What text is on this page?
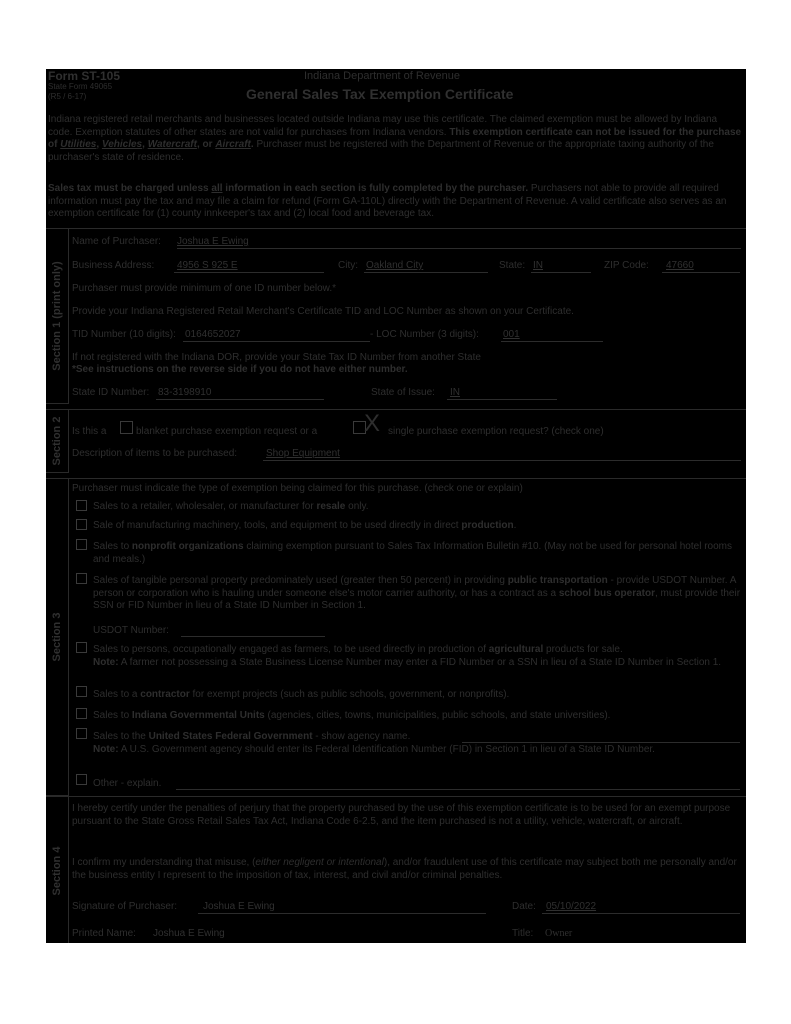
Form ST-105
State Form 49065
(R5 / 6-17)
Indiana Department of Revenue
General Sales Tax Exemption Certificate
Indiana registered retail merchants and businesses located outside Indiana may use this certificate. The claimed exemption must be allowed by Indiana code. Exemption statutes of other states are not valid for purchases from Indiana vendors. This exemption certificate can not be issued for the purchase of Utilities, Vehicles, Watercraft, or Aircraft. Purchaser must be registered with the Department of Revenue or the appropriate taxing authority of the purchaser's state of residence.
Sales tax must be charged unless all information in each section is fully completed by the purchaser. Purchasers not able to provide all required information must pay the tax and may file a claim for refund (Form GA-110L) directly with the Department of Revenue. A valid certificate also serves as an exemption certificate for (1) county innkeeper's tax and (2) local food and beverage tax.
Section 1 (print only)
Name of Purchaser: Joshua E Ewing
Business Address: 4956 S 925 E	City: Oakland City	State: IN	ZIP Code: 47660
Purchaser must provide minimum of one ID number below.*
Provide your Indiana Registered Retail Merchant's Certificate TID and LOC Number as shown on your Certificate.
TID Number (10 digits): 0164652027	- LOC Number (3 digits): 001
If not registered with the Indiana DOR, provide your State Tax ID Number from another State
*See instructions on the reverse side if you do not have either number.
State ID Number: 83-3198910	State of Issue: IN
Section 2 Is this a	blanket purchase exemption request or a X single purchase exemption request? (check one)
Description of items to be purchased:	Shop Equipment
Section 3
Purchaser must indicate the type of exemption being claimed for this purchase. (check one or explain)
Sales to a retailer, wholesaler, or manufacturer for resale only.
Sale of manufacturing machinery, tools, and equipment to be used directly in direct production.
Sales to nonprofit organizations claiming exemption pursuant to Sales Tax Information Bulletin #10. (May not be used for personal hotel rooms and meals.)
Sales of tangible personal property predominately used (greater then 50 percent) in providing public transportation - provide USDOT Number. A person or corporation who is hauling under someone else's motor carrier authority, or has a contract as a school bus operator, must provide their SSN or FID Number in lieu of a State ID Number in Section 1.
USDOT Number:
Sales to persons, occupationally engaged as farmers, to be used directly in production of agricultural products for sale.
Note: A farmer not possessing a State Business License Number may enter a FID Number or a SSN in lieu of a State ID Number in Section 1.
Sales to a contractor for exempt projects (such as public schools, government, or nonprofits).
Sales to Indiana Governmental Units (agencies, cities, towns, municipalities, public schools, and state universities).
Sales to the United States Federal Government - show agency name.
Note: A U.S. Government agency should enter its Federal Identification Number (FID) in Section 1 in lieu of a State ID Number.
Other - explain.
Section 4
I hereby certify under the penalties of perjury that the property purchased by the use of this exemption certificate is to be used for an exempt purpose pursuant to the State Gross Retail Sales Tax Act, Indiana Code 6-2.5, and the item purchased is not a utility, vehicle, watercraft, or aircraft.
I confirm my understanding that misuse, (either negligent or intentional), and/or fraudulent use of this certificate may subject both me personally and/or the business entity I represent to the imposition of tax, interest, and civil and/or criminal penalties.
Signature of Purchaser:	Joshua E Ewing	Date: 05/10/2022
Printed Name: Joshua E Ewing	Title: Owner
